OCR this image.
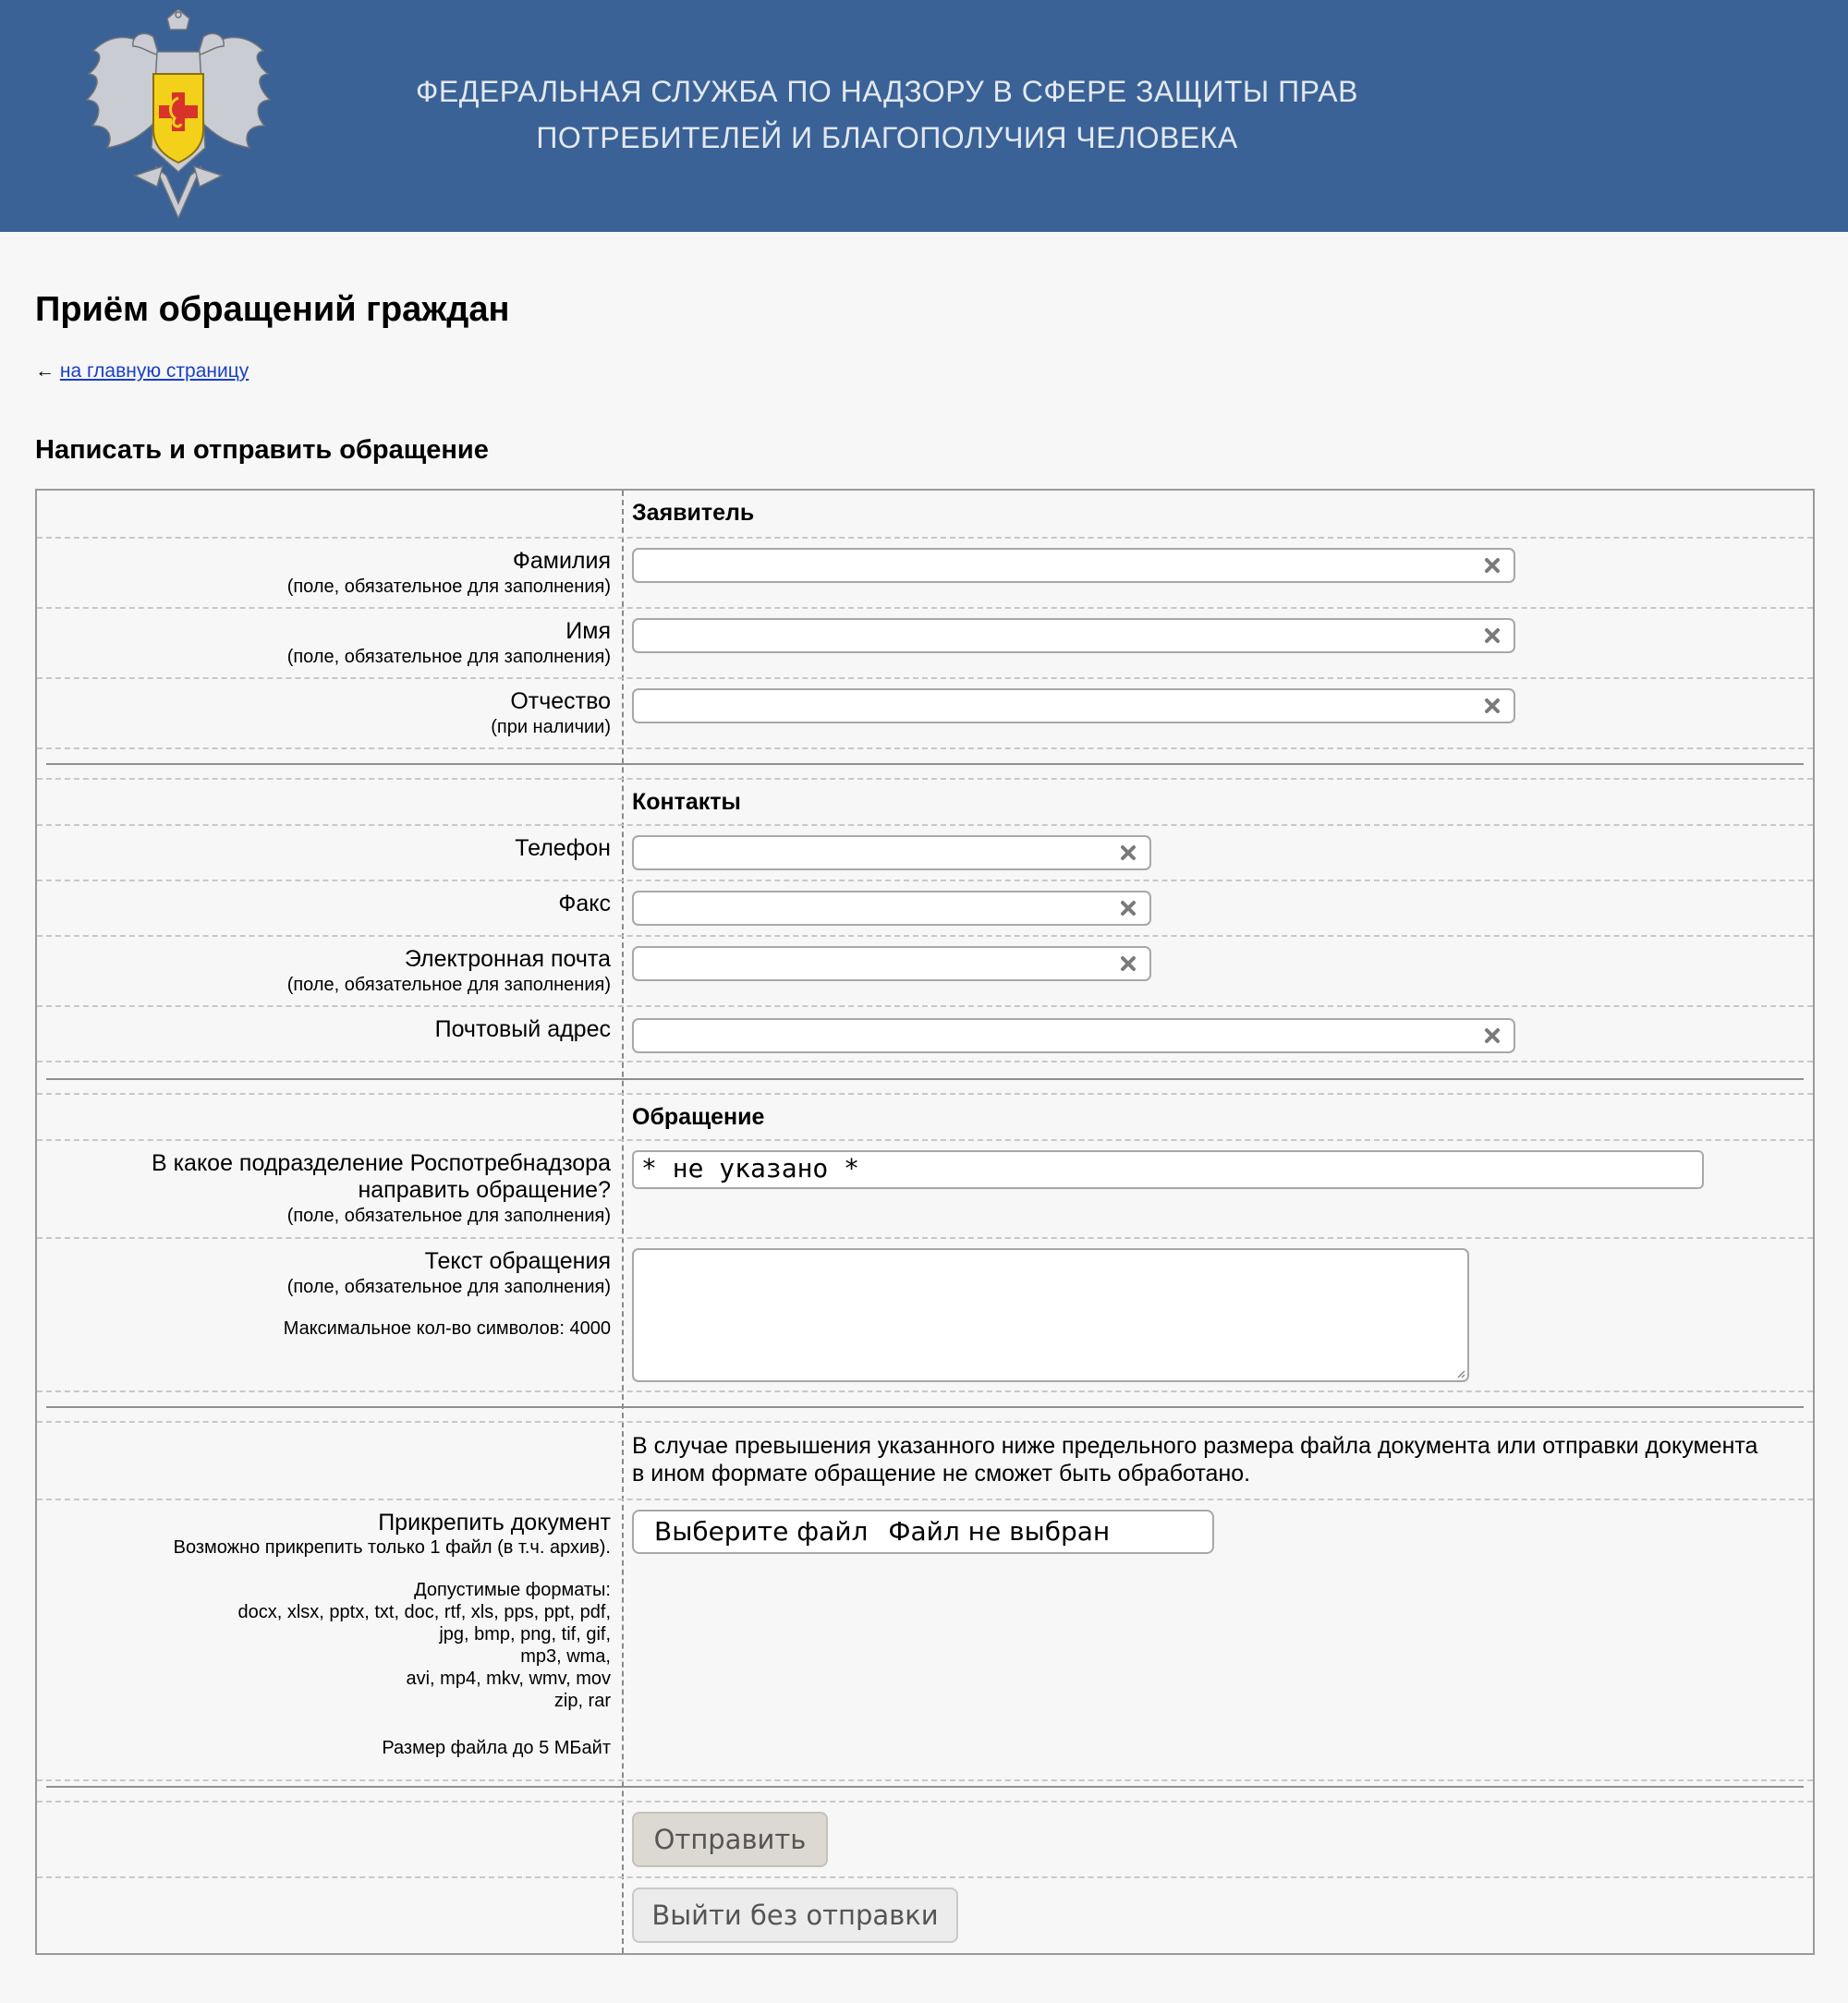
ФЕДЕРАЛЬНАЯ СЛУЖБА ПО НАДЗОРУ В СФЕРЕ ЗАЩИТЫ ПРАВ
ПОТРЕБИТЕЛЕЙ И БЛАГОПОЛУЧИЯ ЧЕЛОВЕКА
Приём обращений граждан
← на главную страницу
Написать и отправить обращение
Заявитель
Фамилия
(поле, обязательное для заполнения)
Имя
(поле, обязательное для заполнения)
Отчество
(при наличии)
Контакты
Телефон
Факс
Электронная почта
(поле, обязательное для заполнения)
Почтовый адрес
Обращение
В какое подразделение Роспотребнадзора
направить обращение?
(поле, обязательное для заполнения)
* не указано *
Текст обращения
(поле, обязательное для заполнения)
Максимальное кол-во символов: 4000
В случае превышения указанного ниже предельного размера файла документа или отправки документа
в ином формате обращение не сможет быть обработано.
Прикрепить документ
Возможно прикрепить только 1 файл (в т.ч. архив).
Допустимые форматы:
docx, xlsx, pptx, txt, doc, rtf, xls, pps, ppt, pdf,
jpg, bmp, png, tif, gif,
mp3, wma,
avi, mp4, mkv, wmv, mov
zip, rar
Размер файла до 5 МБайт
Выберите файл Файл не выбран
Отправить
Выйти без отправки
